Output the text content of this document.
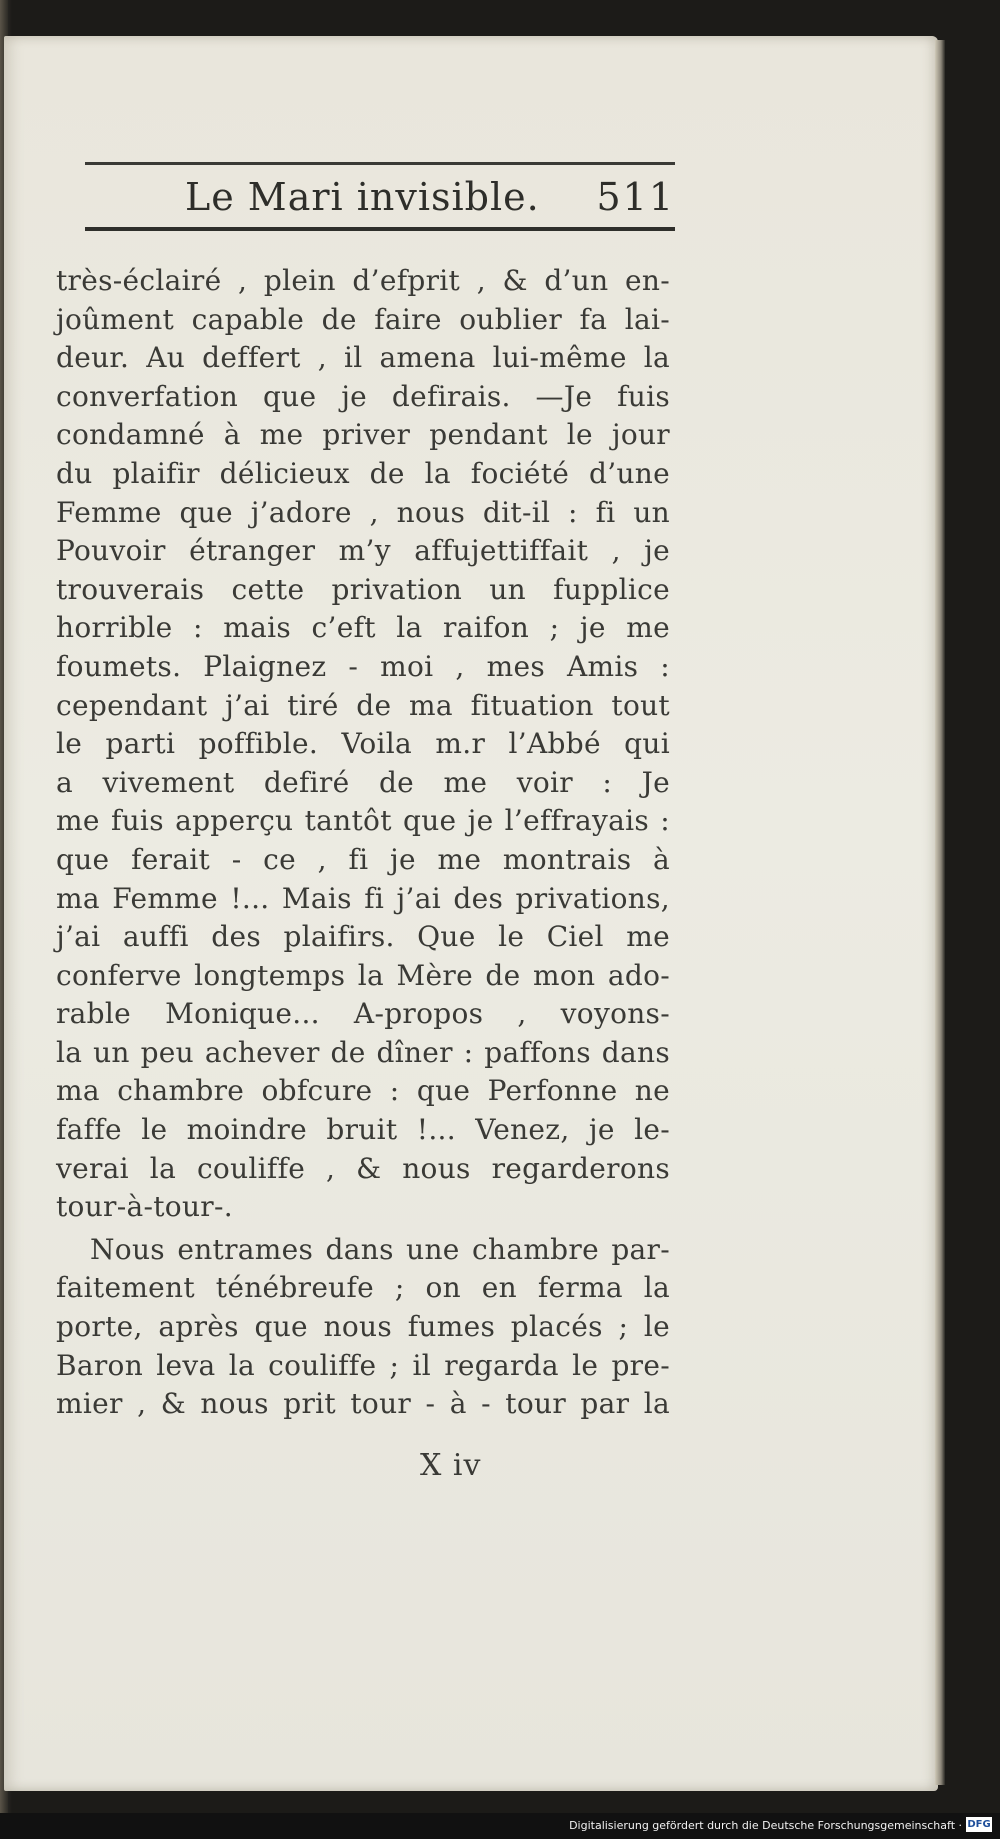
Le Mari invisible. 511
très-éclairé , plein d’efprit , & d’un en-
joûment capable de faire oublier fa lai-
deur. Au deffert , il amena lui-même la
converfation que je defirais. —Je fuis
condamné à me priver pendant le jour
du plaifir délicieux de la fociété d’une
Femme que j’adore , nous dit-il : fi un
Pouvoir étranger m’y affujettiffait , je
trouverais cette privation un fupplice
horrible : mais c’eft la raifon ; je me
foumets. Plaignez - moi , mes Amis :
cependant j’ai tiré de ma fituation tout
le parti poffible. Voila m.r l’Abbé qui
a vivement defiré de me voir : Je
me fuis apperçu tantôt que je l’effrayais :
que ferait - ce , fi je me montrais à
ma Femme !... Mais fi j’ai des privations,
j’ai auffi des plaifirs. Que le Ciel me
conferve longtemps la Mère de mon ado-
rable Monique... A-propos , voyons-
la un peu achever de dîner : paffons dans
ma chambre obfcure : que Perfonne ne
faffe le moindre bruit !... Venez, je le-
verai la couliffe , & nous regarderons
tour-à-tour-.
Nous entrames dans une chambre par-
faitement ténébreufe ; on en ferma la
porte, après que nous fumes placés ; le
Baron leva la couliffe ; il regarda le pre-
mier , & nous prit tour - à - tour par la
X iv
Digitalisierung gefördert durch die Deutsche Forschungsgemeinschaft · DFG
